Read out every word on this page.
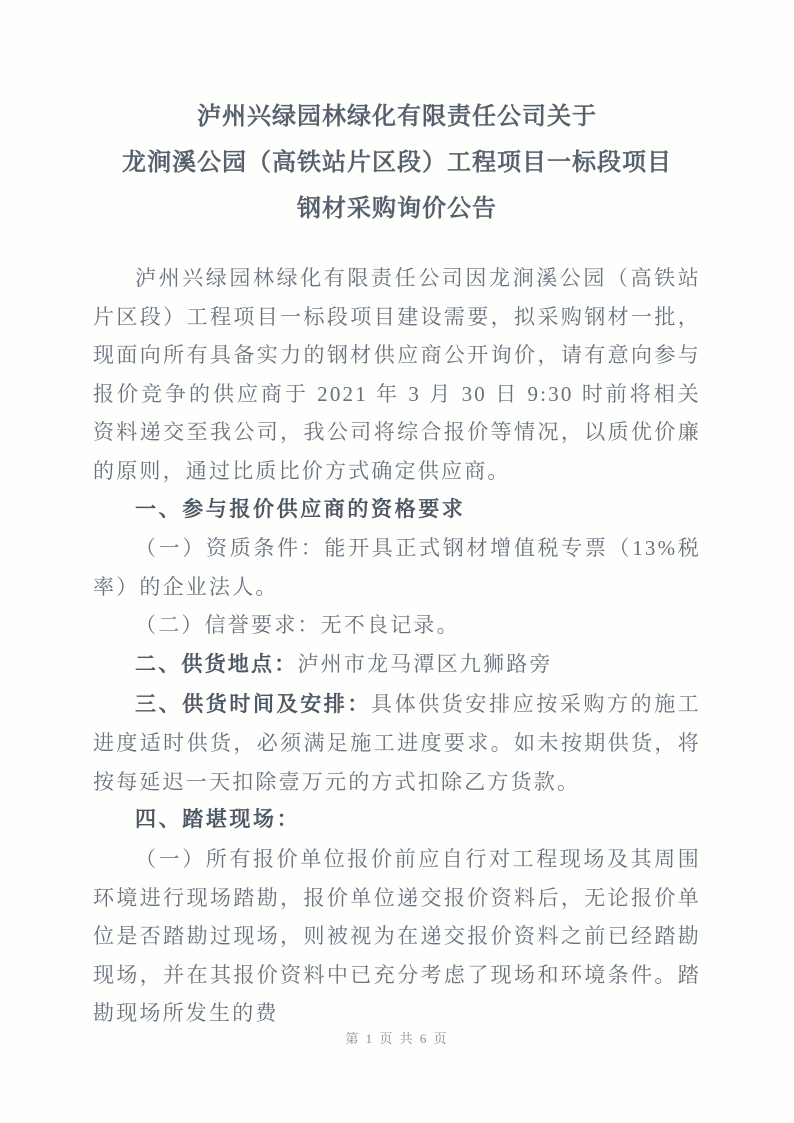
泸州兴绿园林绿化有限责任公司关于
龙涧溪公园（高铁站片区段）工程项目一标段项目
钢材采购询价公告

泸州兴绿园林绿化有限责任公司因龙涧溪公园（高铁站片区段）工程项目一标段项目建设需要，拟采购钢材一批，现面向所有具备实力的钢材供应商公开询价，请有意向参与报价竞争的供应商于 2021 年 3 月 30 日 9:30 时前将相关资料递交至我公司，我公司将综合报价等情况，以质优价廉的原则，通过比质比价方式确定供应商。

一、参与报价供应商的资格要求

（一）资质条件：能开具正式钢材增值税专票（13%税率）的企业法人。

（二）信誉要求：无不良记录。

二、供货地点：泸州市龙马潭区九狮路旁

三、供货时间及安排：具体供货安排应按采购方的施工进度适时供货，必须满足施工进度要求。如未按期供货，将按每延迟一天扣除壹万元的方式扣除乙方货款。

四、踏堪现场：

（一）所有报价单位报价前应自行对工程现场及其周围环境进行现场踏勘，报价单位递交报价资料后，无论报价单位是否踏勘过现场，则被视为在递交报价资料之前已经踏勘现场，并在其报价资料中已充分考虑了现场和环境条件。踏勘现场所发生的费

第 1 页 共 6 页
